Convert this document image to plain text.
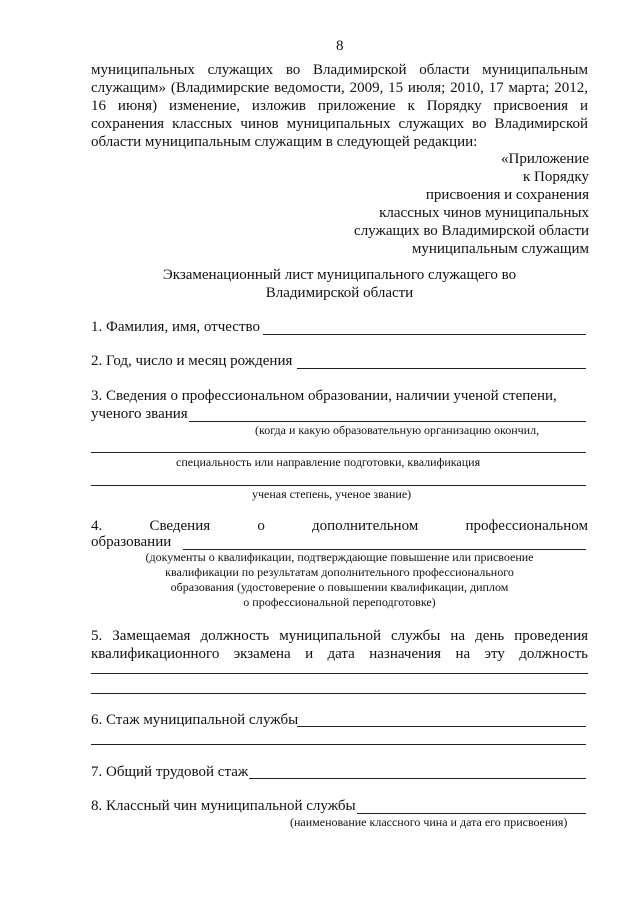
8
муниципальных служащих во Владимирской области муниципальным
служащим» (Владимирские ведомости, 2009, 15 июля; 2010, 17 марта; 2012,
16 июня) изменение, изложив приложение к Порядку присвоения и
сохранения классных чинов муниципальных служащих во Владимирской
области муниципальным служащим в следующей редакции:
«Приложение
к Порядку
присвоения и сохранения
классных чинов муниципальных
служащих во Владимирской области
муниципальным служащим
Экзаменационный лист муниципального служащего во
Владимирской области
1. Фамилия, имя, отчество
2. Год, число и месяц рождения
3. Сведения о профессиональном образовании, наличии ученой степени,
ученого звания
(когда и какую образовательную организацию окончил,
специальность или направление подготовки, квалификация
ученая степень, ученое звание)
4.	Сведения	о	дополнительном	профессиональном
образовании
(документы о квалификации, подтверждающие повышение или присвоение
квалификации по результатам дополнительного профессионального
образования (удостоверение о повышении квалификации, диплом
о профессиональной переподготовке)
5. Замещаемая должность муниципальной службы на день проведения
квалификационного экзамена и дата назначения на эту должность
6. Стаж муниципальной службы
7. Общий трудовой стаж
8. Классный чин муниципальной службы
(наименование классного чина и дата его присвоения)
